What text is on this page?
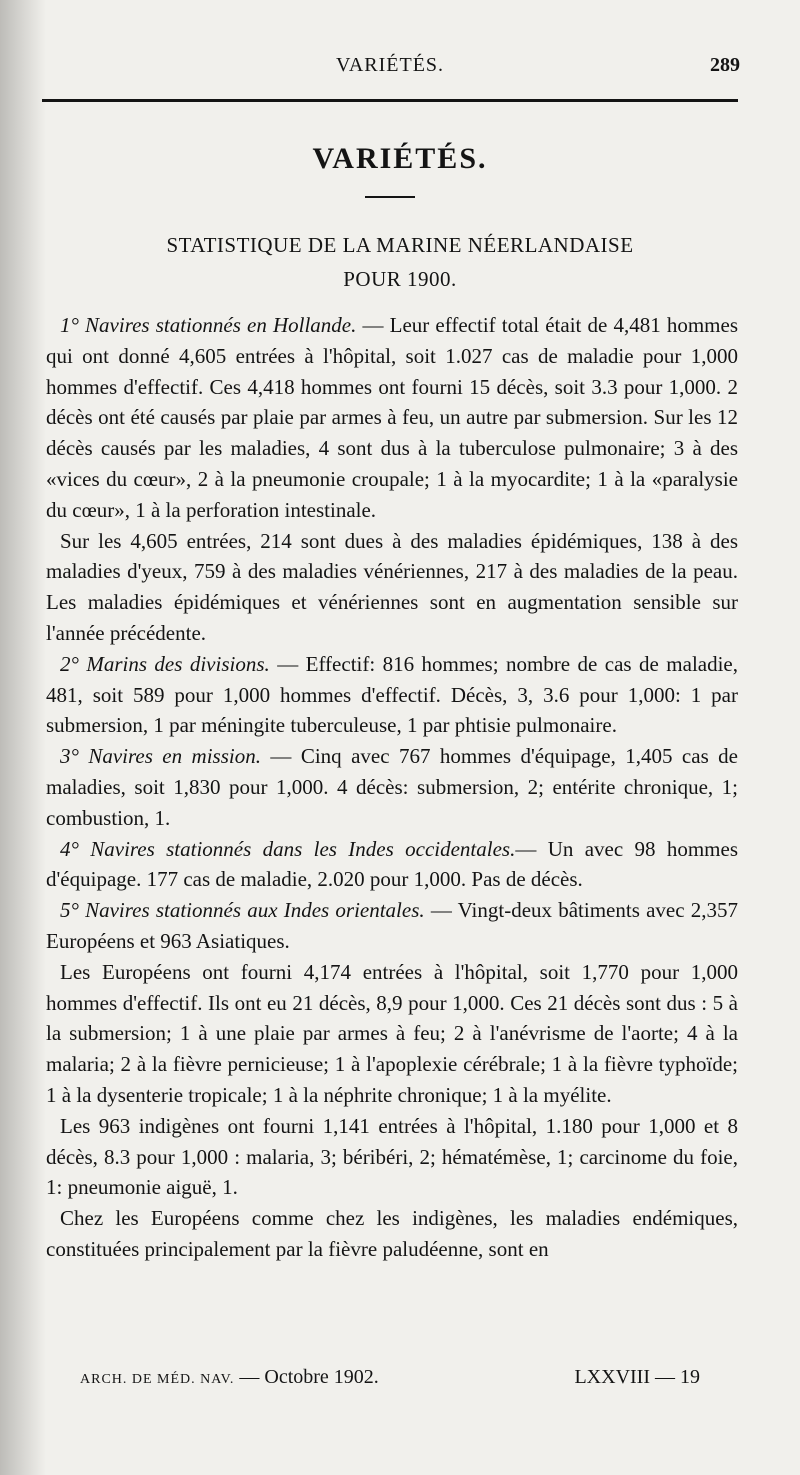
VARIÉTÉS.	289
VARIÉTÉS.
STATISTIQUE DE LA MARINE NÉERLANDAISE
POUR 1900.

1° Navires stationnés en Hollande. — Leur effectif total était de 4,481 hommes qui ont donné 4,605 entrées à l'hôpital, soit 1.027 cas de maladie pour 1,000 hommes d'effectif. Ces 4,418 hommes ont fourni 15 décès, soit 3.3 pour 1,000. 2 décès ont été causés par plaie par armes à feu, un autre par submersion. Sur les 12 décès causés par les maladies, 4 sont dus à la tuberculose pulmonaire; 3 à des «vices du cœur», 2 à la pneumonie croupale; 1 à la myocardite; 1 à la «paralysie du cœur», 1 à la perforation intestinale.

Sur les 4,605 entrées, 214 sont dues à des maladies épidémiques, 138 à des maladies d'yeux, 759 à des maladies vénériennes, 217 à des maladies de la peau. Les maladies épidémiques et vénériennes sont en augmentation sensible sur l'année précédente.

2° Marins des divisions. — Effectif: 816 hommes; nombre de cas de maladie, 481, soit 589 pour 1,000 hommes d'effectif. Décès, 3, 3.6 pour 1,000: 1 par submersion, 1 par méningite tuberculeuse, 1 par phtisie pulmonaire.

3° Navires en mission. — Cinq avec 767 hommes d'équipage, 1,405 cas de maladies, soit 1,830 pour 1,000. 4 décès: submersion, 2; entérite chronique, 1; combustion, 1.

4° Navires stationnés dans les Indes occidentales.— Un avec 98 hommes d'équipage. 177 cas de maladie, 2.020 pour 1,000. Pas de décès.

5° Navires stationnés aux Indes orientales. — Vingt-deux bâtiments avec 2,357 Européens et 963 Asiatiques.

Les Européens ont fourni 4,174 entrées à l'hôpital, soit 1,770 pour 1,000 hommes d'effectif. Ils ont eu 21 décès, 8,9 pour 1,000. Ces 21 décès sont dus : 5 à la submersion; 1 à une plaie par armes à feu; 2 à l'anévrisme de l'aorte; 4 à la malaria; 2 à la fièvre pernicieuse; 1 à l'apoplexie cérébrale; 1 à la fièvre typhoïde; 1 à la dysenterie tropicale; 1 à la néphrite chronique; 1 à la myélite.

Les 963 indigènes ont fourni 1,141 entrées à l'hôpital, 1.180 pour 1,000 et 8 décès, 8.3 pour 1,000 : malaria, 3; béribéri, 2; hématémèse, 1; carcinome du foie, 1: pneumonie aiguë, 1.

Chez les Européens comme chez les indigènes, les maladies endémiques, constituées principalement par la fièvre paludéenne, sont en

ARCH. DE MÉD. NAV. — Octobre 1902.	LXXVIII — 19
